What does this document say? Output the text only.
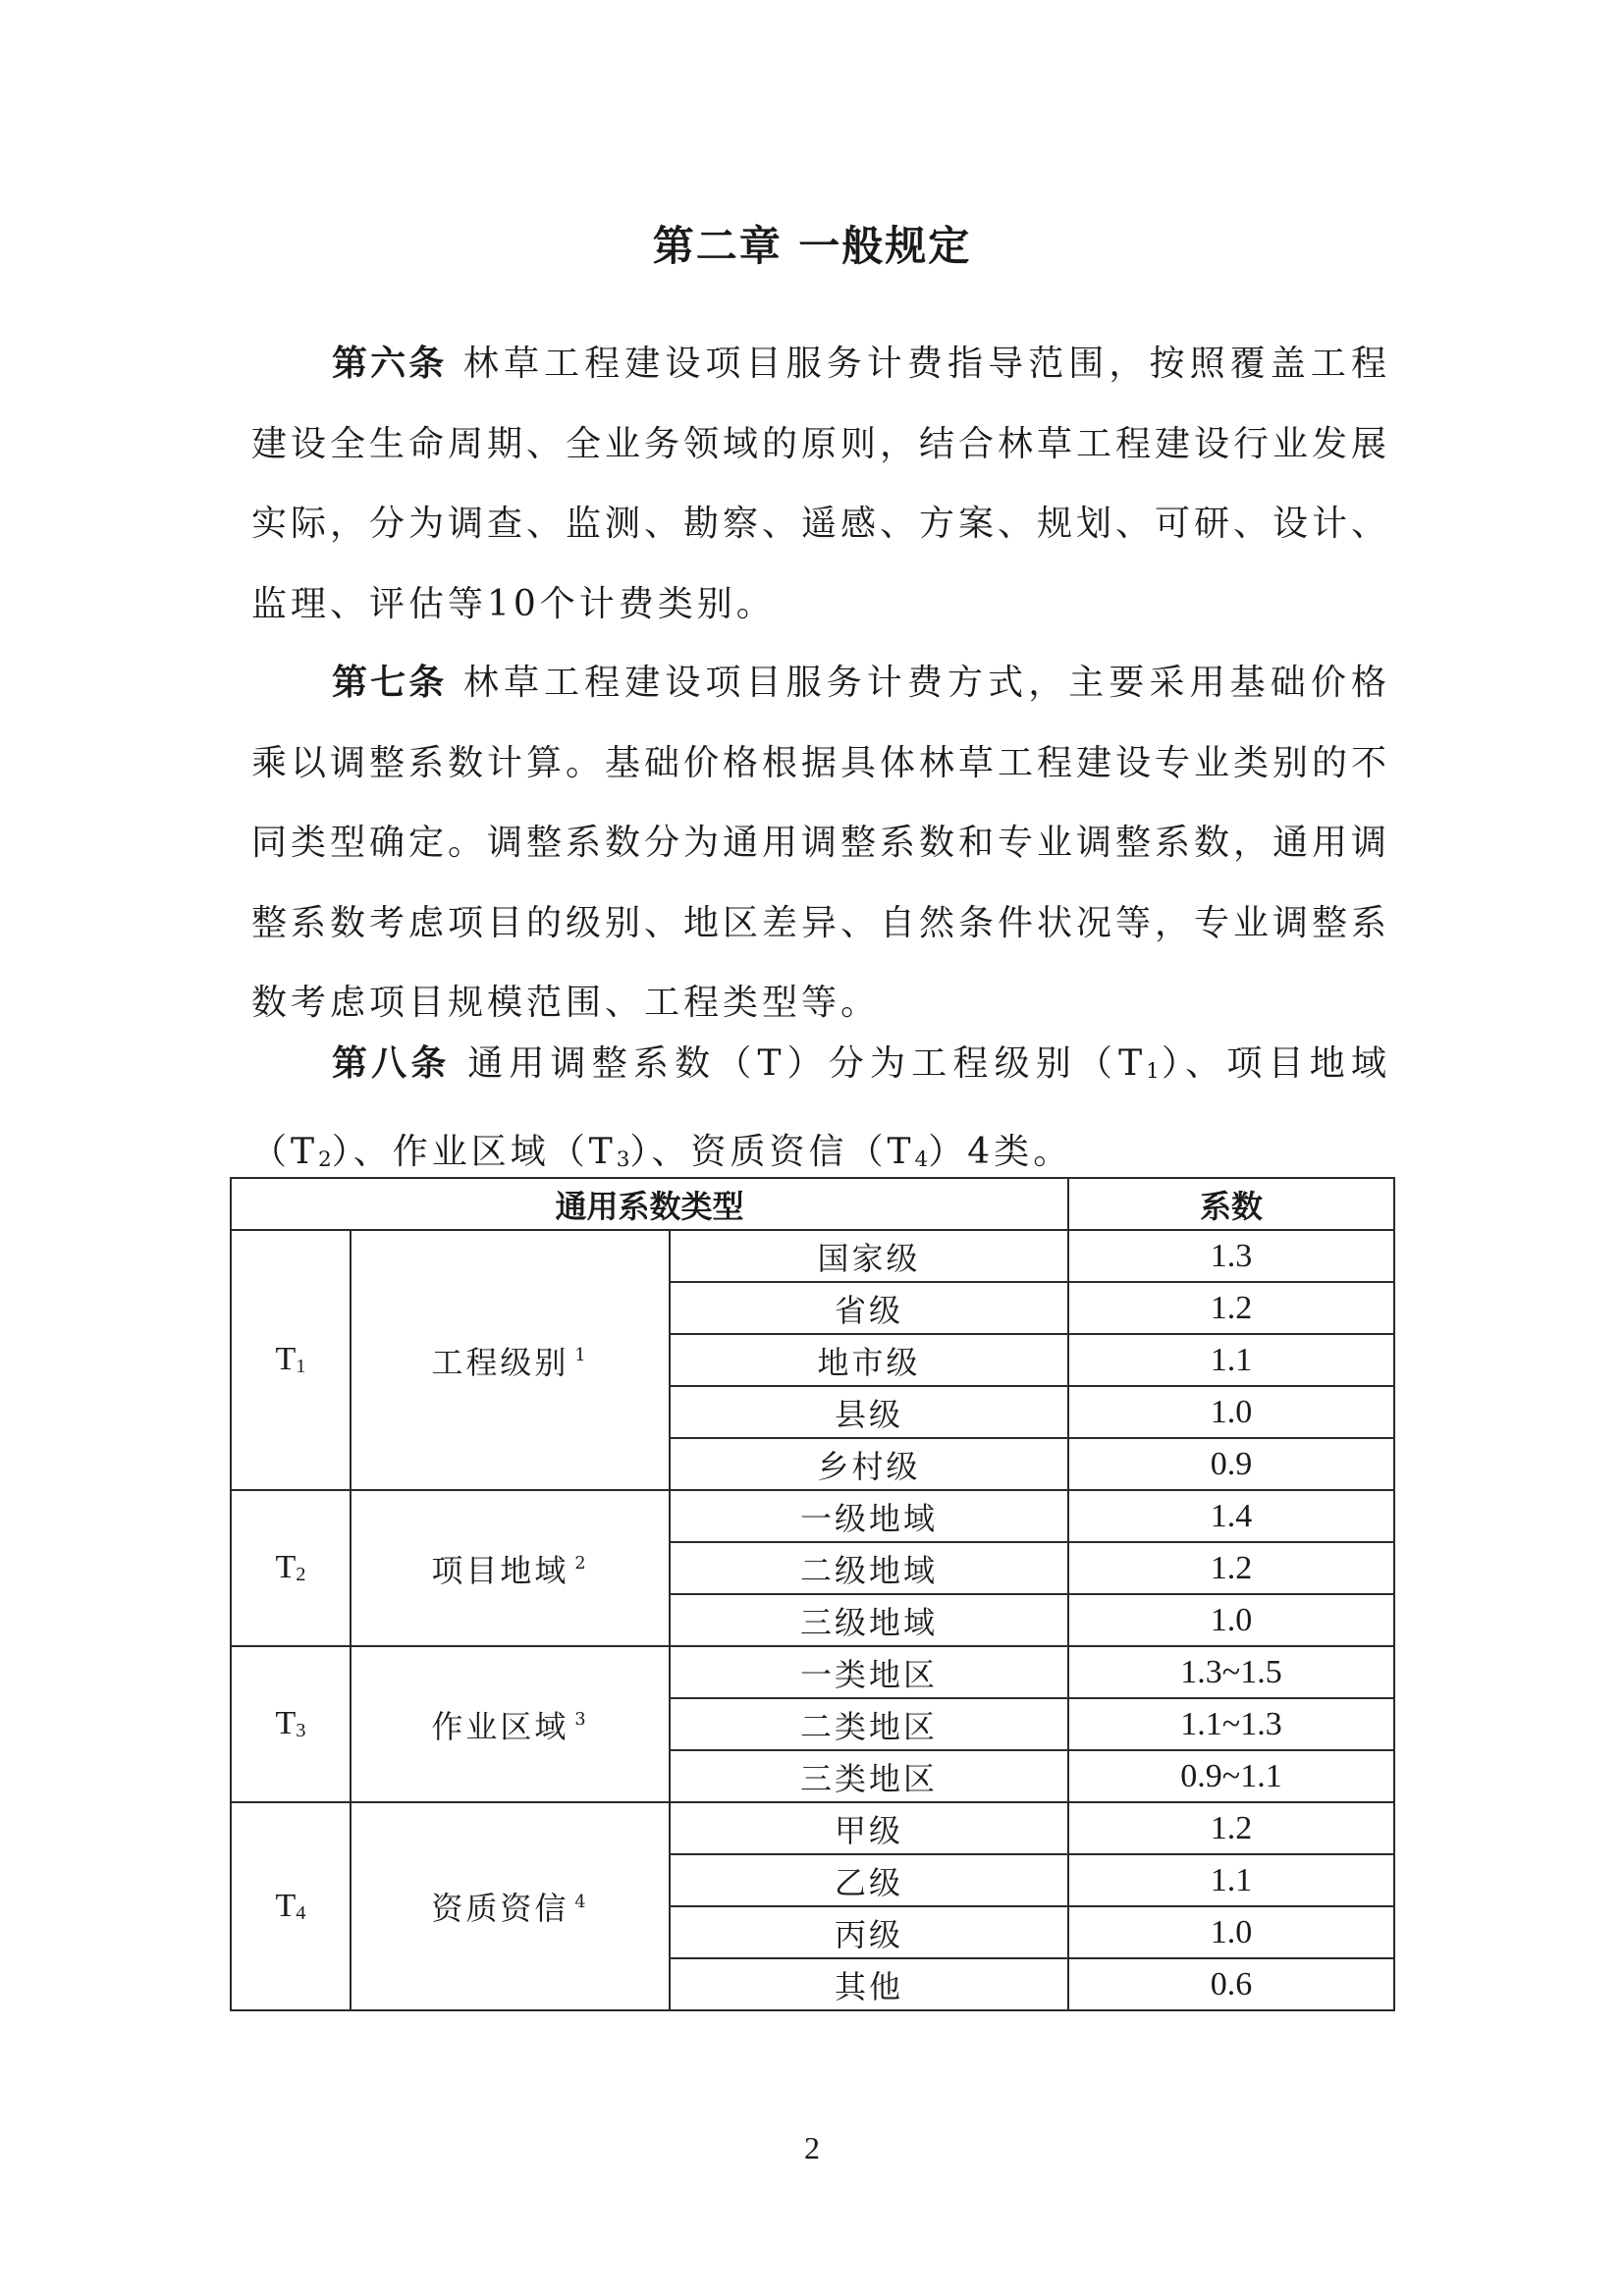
第二章 一般规定
第六条 林草工程建设项目服务计费指导范围，按照覆盖工程建设全生命周期、全业务领域的原则，结合林草工程建设行业发展实际，分为调查、监测、勘察、遥感、方案、规划、可研、设计、监理、评估等10个计费类别。
第七条 林草工程建设项目服务计费方式，主要采用基础价格乘以调整系数计算。基础价格根据具体林草工程建设专业类别的不同类型确定。调整系数分为通用调整系数和专业调整系数，通用调整系数考虑项目的级别、地区差异、自然条件状况等，专业调整系数考虑项目规模范围、工程类型等。
第八条 通用调整系数（T）分为工程级别$(T_1)$、项目地域$(T_2)$、作业区域$(T_3)$、资质资信$(T_4)4$类。
通用系数类型			系数
$T_1$	工程级别 $^1$	国家级	1.3
		省级	1.2
		地市级	1.1
		县级	1.0
		乡村级	0.9
$T_2$	项目地域 $^2$	一级地域	1.4
		二级地域	1.2
		三级地域	1.0
$T_3$	作业区域 $^3$	一类地区	1.3~1.5
		二类地区	1.1~1.3
		三类地区	0.9~1.1
$T_4$	资质资信 $^4$	甲级	1.2
		乙级	1.1
		丙级	1.0
		其他	0.6
2
